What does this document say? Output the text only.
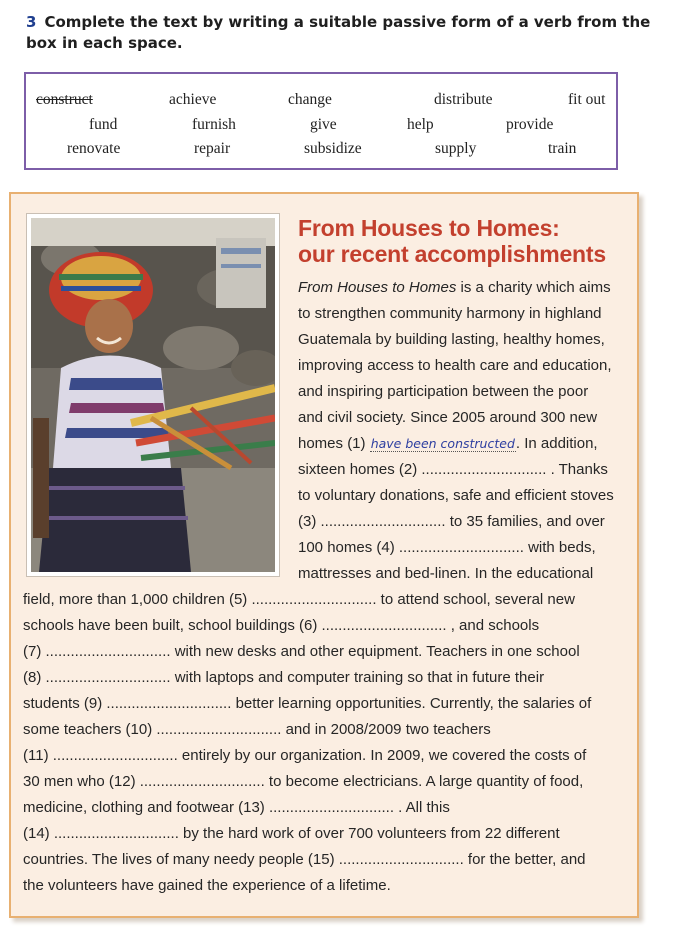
3 Complete the text by writing a suitable passive form of a verb from the box in each space.
construct	achieve	change	distribute	fit out
fund	furnish	give	help	provide
renovate	repair	subsidize	supply	train
From Houses to Homes:
our recent accomplishments
From Houses to Homes is a charity which aims
to strengthen community harmony in highland
Guatemala by building lasting, healthy homes,
improving access to health care and education,
and inspiring participation between the poor
and civil society. Since 2005 around 300 new
homes (1) have been constructed. In addition,
sixteen homes (2) .............................. . Thanks
to voluntary donations, safe and efficient stoves
(3) .............................. to 35 families, and over
100 homes (4) .............................. with beds,
mattresses and bed-linen. In the educational
field, more than 1,000 children (5) .............................. to attend school, several new
schools have been built, school buildings (6) .............................. , and schools
(7) .............................. with new desks and other equipment. Teachers in one school
(8) .............................. with laptops and computer training so that in future their
students (9) .............................. better learning opportunities. Currently, the salaries of
some teachers (10) .............................. and in 2008/2009 two teachers
(11) .............................. entirely by our organization. In 2009, we covered the costs of
30 men who (12) .............................. to become electricians. A large quantity of food,
medicine, clothing and footwear (13) .............................. . All this
(14) .............................. by the hard work of over 700 volunteers from 22 different
countries. The lives of many needy people (15) .............................. for the better, and
the volunteers have gained the experience of a lifetime.
